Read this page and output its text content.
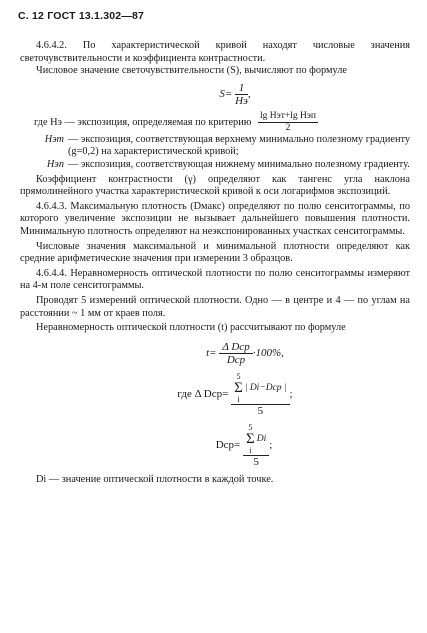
С. 12 ГОСТ 13.1.302—87

4.6.4.2. По характеристической кривой находят числовые значения светочувствительности и коэффициента контрастности.

Числовое значение светочувствительности (S), вычисляют по формуле

$S= \frac{1}{Hэ}$ ,
где Hэ — экспозиция, определяемая по критерию $\frac{\text{lg Hэт+lg Hэп}}{2}$
Hэт — экспозиция, соответствующая верхнему минимально полезному градиенту (g=0,2) на характеристической кривой;
Hэп — экспозиция, соответствующая нижнему минимально полезному градиенту.

Коэффициент контрастности (γ) определяют как тангенс угла наклона прямолинейного участка характеристической кривой к оси логарифмов экспозиций.

4.6.4.3. Максимальную плотность (Dмакс) определяют по полю сенситограммы, по которого увеличение экспозиции не вызывает дальнейшего повышения плотности. Минимальную плотность определяют на неэкспонированных участках сенситограммы.

Числовые значения максимальной и минимальной плотности определяют как средние арифметические значения при измерении 3 образцов.

4.6.4.4. Неравномерность оптической плотности по полю сенситограммы измеряют на 4-м поле сенситограммы.

Проводят 5 измерений оптической плотности. Одно — в центре и 4 — по углам на расстоянии ~ 1 мм от краев поля.

Неравномерность оптической плотности (t) рассчитывают по формуле

$t= \frac{\text{Δ Dср}}{\text{Dср}} \cdot 100\%$,
где Δ Dср= 5
Σ
i| Di−Dср |
5 ;
Dср= 5
Σ
iDi
5 ;

Di — значение оптической плотности в каждой точке.
